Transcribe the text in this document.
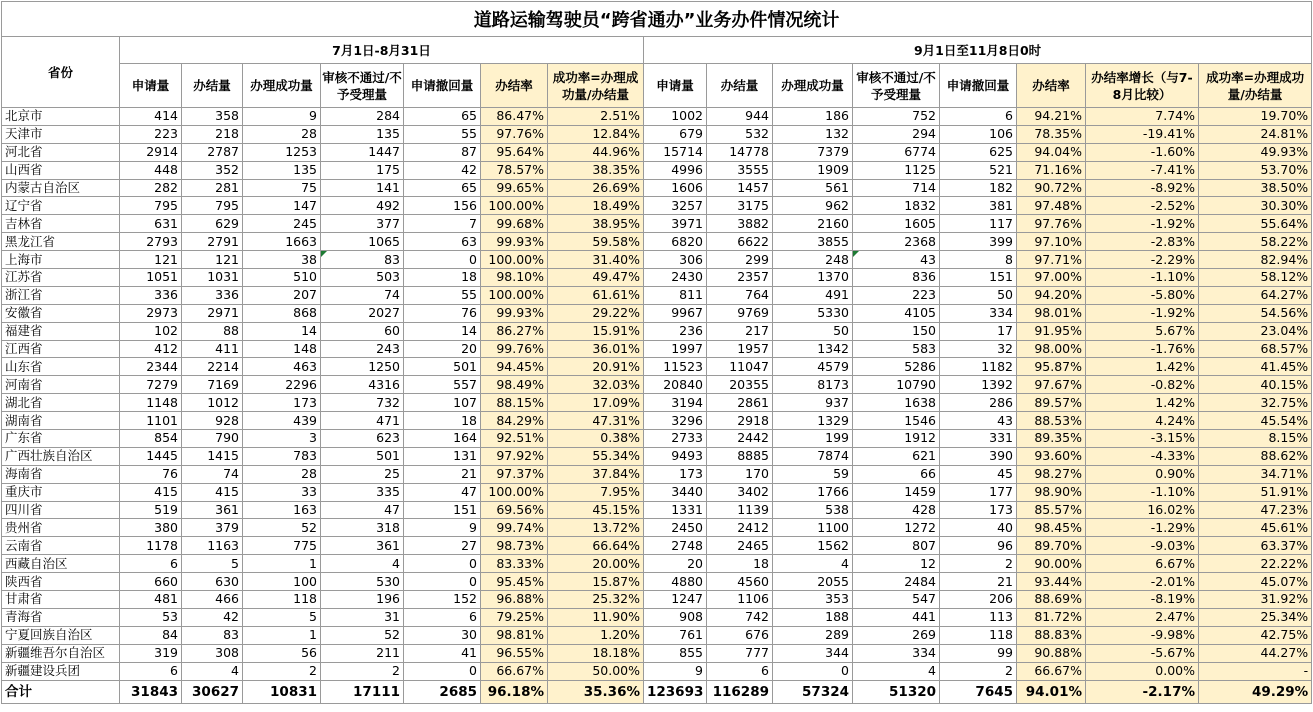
道路运输驾驶员“跨省通办”业务办件情况统计															
省份	7月1日-8月31日							9月1日至11月8日0时							
	申请量	办结量	办理成功量	审核不通过/不予受理量	申请撤回量	办结率	成功率=办理成功量/办结量	申请量	办结量	办理成功量	审核不通过/不予受理量	申请撤回量	办结率	办结率增长（与7-8月比较）	成功率=办理成功量/办结量
北京市	414	358	9	284	65	86.47%	2.51%	1002	944	186	752	6	94.21%	7.74%	19.70%
天津市	223	218	28	135	55	97.76%	12.84%	679	532	132	294	106	78.35%	-19.41%	24.81%
河北省	2914	2787	1253	1447	87	95.64%	44.96%	15714	14778	7379	6774	625	94.04%	-1.60%	49.93%
山西省	448	352	135	175	42	78.57%	38.35%	4996	3555	1909	1125	521	71.16%	-7.41%	53.70%
内蒙古自治区	282	281	75	141	65	99.65%	26.69%	1606	1457	561	714	182	90.72%	-8.92%	38.50%
辽宁省	795	795	147	492	156	100.00%	18.49%	3257	3175	962	1832	381	97.48%	-2.52%	30.30%
吉林省	631	629	245	377	7	99.68%	38.95%	3971	3882	2160	1605	117	97.76%	-1.92%	55.64%
黑龙江省	2793	2791	1663	1065	63	99.93%	59.58%	6820	6622	3855	2368	399	97.10%	-2.83%	58.22%
上海市	121	121	38	83	0	100.00%	31.40%	306	299	248	43	8	97.71%	-2.29%	82.94%
江苏省	1051	1031	510	503	18	98.10%	49.47%	2430	2357	1370	836	151	97.00%	-1.10%	58.12%
浙江省	336	336	207	74	55	100.00%	61.61%	811	764	491	223	50	94.20%	-5.80%	64.27%
安徽省	2973	2971	868	2027	76	99.93%	29.22%	9967	9769	5330	4105	334	98.01%	-1.92%	54.56%
福建省	102	88	14	60	14	86.27%	15.91%	236	217	50	150	17	91.95%	5.67%	23.04%
江西省	412	411	148	243	20	99.76%	36.01%	1997	1957	1342	583	32	98.00%	-1.76%	68.57%
山东省	2344	2214	463	1250	501	94.45%	20.91%	11523	11047	4579	5286	1182	95.87%	1.42%	41.45%
河南省	7279	7169	2296	4316	557	98.49%	32.03%	20840	20355	8173	10790	1392	97.67%	-0.82%	40.15%
湖北省	1148	1012	173	732	107	88.15%	17.09%	3194	2861	937	1638	286	89.57%	1.42%	32.75%
湖南省	1101	928	439	471	18	84.29%	47.31%	3296	2918	1329	1546	43	88.53%	4.24%	45.54%
广东省	854	790	3	623	164	92.51%	0.38%	2733	2442	199	1912	331	89.35%	-3.15%	8.15%
广西壮族自治区	1445	1415	783	501	131	97.92%	55.34%	9493	8885	7874	621	390	93.60%	-4.33%	88.62%
海南省	76	74	28	25	21	97.37%	37.84%	173	170	59	66	45	98.27%	0.90%	34.71%
重庆市	415	415	33	335	47	100.00%	7.95%	3440	3402	1766	1459	177	98.90%	-1.10%	51.91%
四川省	519	361	163	47	151	69.56%	45.15%	1331	1139	538	428	173	85.57%	16.02%	47.23%
贵州省	380	379	52	318	9	99.74%	13.72%	2450	2412	1100	1272	40	98.45%	-1.29%	45.61%
云南省	1178	1163	775	361	27	98.73%	66.64%	2748	2465	1562	807	96	89.70%	-9.03%	63.37%
西藏自治区	6	5	1	4	0	83.33%	20.00%	20	18	4	12	2	90.00%	6.67%	22.22%
陕西省	660	630	100	530	0	95.45%	15.87%	4880	4560	2055	2484	21	93.44%	-2.01%	45.07%
甘肃省	481	466	118	196	152	96.88%	25.32%	1247	1106	353	547	206	88.69%	-8.19%	31.92%
青海省	53	42	5	31	6	79.25%	11.90%	908	742	188	441	113	81.72%	2.47%	25.34%
宁夏回族自治区	84	83	1	52	30	98.81%	1.20%	761	676	289	269	118	88.83%	-9.98%	42.75%
新疆维吾尔自治区	319	308	56	211	41	96.55%	18.18%	855	777	344	334	99	90.88%	-5.67%	44.27%
新疆建设兵团	6	4	2	2	0	66.67%	50.00%	9	6	0	4	2	66.67%	0.00%	-
合计	31843	30627	10831	17111	2685	96.18%	35.36%	123693	116289	57324	51320	7645	94.01%	-2.17%	49.29%
